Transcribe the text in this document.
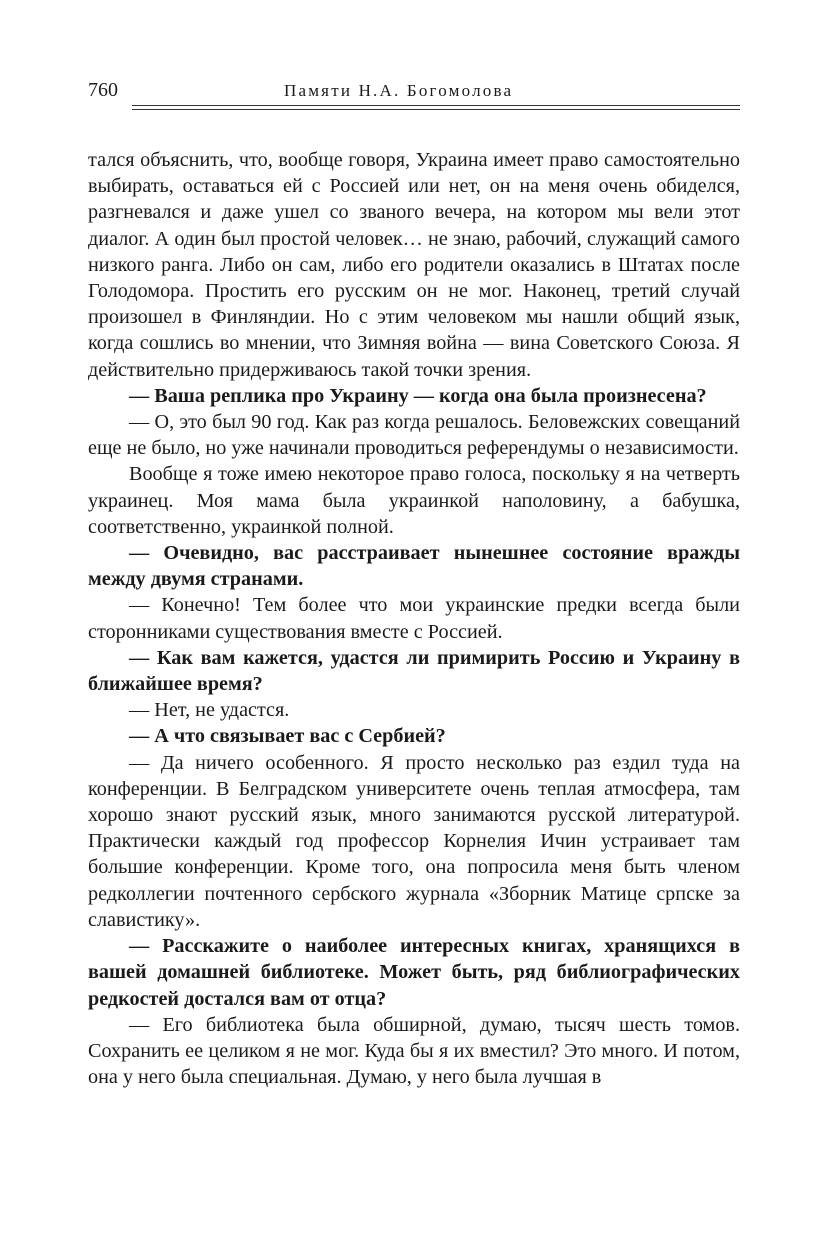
760	Памяти Н.А. Богомолова

тался объяснить, что, вообще говоря, Украина имеет право самостоятельно выбирать, оставаться ей с Россией или нет, он на меня очень обиделся, разгневался и даже ушел со званого вечера, на котором мы вели этот диалог. А один был простой человек… не знаю, рабочий, служащий самого низкого ранга. Либо он сам, либо его родители оказались в Штатах после Голодомора. Простить его русским он не мог. Наконец, третий случай произошел в Финляндии. Но с этим человеком мы нашли общий язык, когда сошлись во мнении, что Зимняя война — вина Советского Союза. Я действительно придерживаюсь такой точки зрения.

— Ваша реплика про Украину — когда она была произнесена?

— О, это был 90 год. Как раз когда решалось. Беловежских совещаний еще не было, но уже начинали проводиться референдумы о независимости.

Вообще я тоже имею некоторое право голоса, поскольку я на четверть украинец. Моя мама была украинкой наполовину, а бабушка, соответственно, украинкой полной.

— Очевидно, вас расстраивает нынешнее состояние вражды между двумя странами.

— Конечно! Тем более что мои украинские предки всегда были сторонниками существования вместе с Россией.

— Как вам кажется, удастся ли примирить Россию и Украину в ближайшее время?

— Нет, не удастся.

— А что связывает вас с Сербией?

— Да ничего особенного. Я просто несколько раз ездил туда на конференции. В Белградском университете очень теплая атмосфера, там хорошо знают русский язык, много занимаются русской литературой. Практически каждый год профессор Корнелия Ичин устраивает там большие конференции. Кроме того, она попросила меня быть членом редколлегии почтенного сербского журнала «Зборник Матице српске за славистику».

— Расскажите о наиболее интересных книгах, хранящихся в вашей домашней библиотеке. Может быть, ряд библиографических редкостей достался вам от отца?

— Его библиотека была обширной, думаю, тысяч шесть томов. Сохранить ее целиком я не мог. Куда бы я их вместил? Это много. И потом, она у него была специальная. Думаю, у него была лучшая в
